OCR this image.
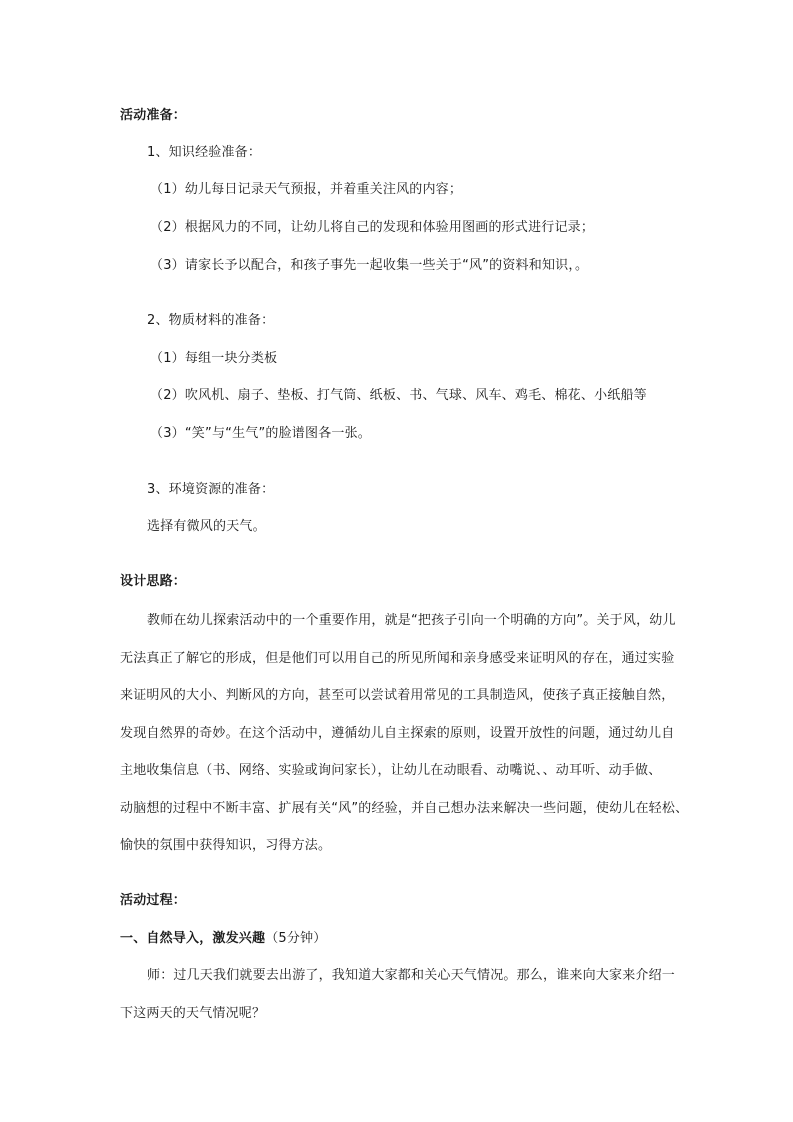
活动准备：
1、知识经验准备：
（1）幼儿每日记录天气预报，并着重关注风的内容；
（2）根据风力的不同，让幼儿将自己的发现和体验用图画的形式进行记录；
（3）请家长予以配合，和孩子事先一起收集一些关于“风”的资料和知识，。
2、物质材料的准备：
（1）每组一块分类板
（2）吹风机、扇子、垫板、打气筒、纸板、书、气球、风车、鸡毛、棉花、小纸船等
（3）“笑”与“生气”的脸谱图各一张。
3、环境资源的准备：
选择有微风的天气。
设计思路：
教师在幼儿探索活动中的一个重要作用，就是“把孩子引向一个明确的方向”。关于风，幼儿
无法真正了解它的形成，但是他们可以用自己的所见所闻和亲身感受来证明风的存在，通过实验
来证明风的大小、判断风的方向，甚至可以尝试着用常见的工具制造风，使孩子真正接触自然，
发现自然界的奇妙。在这个活动中，遵循幼儿自主探索的原则，设置开放性的问题，通过幼儿自
主地收集信息（书、网络、实验或询问家长），让幼儿在动眼看、动嘴说、、动耳听、动手做、
动脑想的过程中不断丰富、扩展有关“风”的经验，并自己想办法来解决一些问题，使幼儿在轻松、
愉快的氛围中获得知识，习得方法。
活动过程：
一、自然导入，激发兴趣（5分钟）
师：过几天我们就要去出游了，我知道大家都和关心天气情况。那么，谁来向大家来介绍一
下这两天的天气情况呢？
